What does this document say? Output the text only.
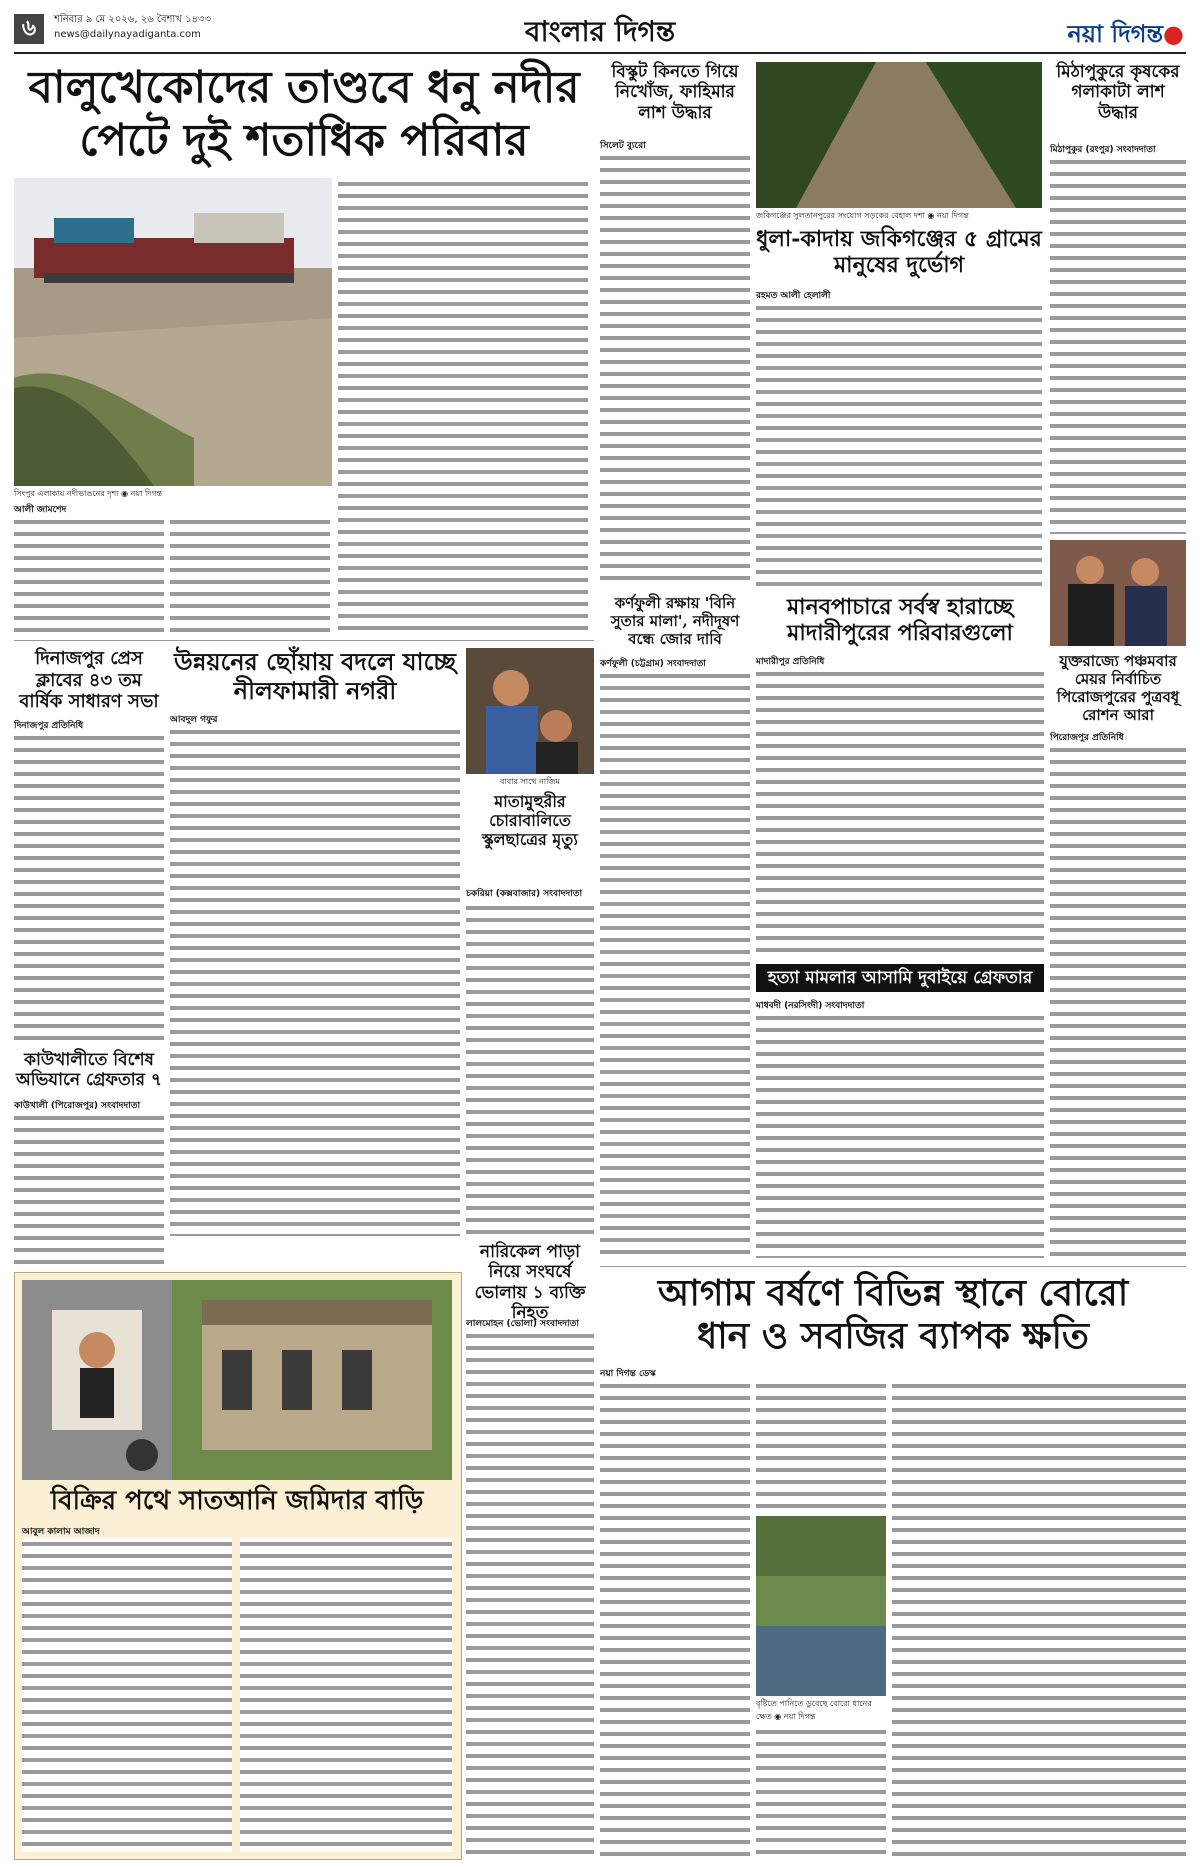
৬	শনিবার ৯ মে ২০২৬, ২৬ বৈশাখ ১৪৩৩
news@dailynayadiganta.com	বাংলার দিগন্ত	নয়া দিগন্ত●
বালুখেকোদের তাণ্ডবে ধনু নদীর
পেটে দুই শতাধিক পরিবার
সিংপুর এলাকায় নদীভাঙনের দৃশ্য ◉ নয়া দিগন্ত
আলী জামশেদ
দিনাজপুর প্রেস ক্লাবের ৪৩ তম বার্ষিক সাধারণ সভা
দিনাজপুর প্রতিনিধি
উন্নয়নের ছোঁয়ায় বদলে যাচ্ছে নীলফামারী নগরী
আবদুল গফুর
বাবার সাথে নাজিম
মাতামুহুরীর চোরাবালিতে স্কুলছাত্রের মৃত্যু
চকরিয়া (কক্সবাজার) সংবাদদাতা
কাউখালীতে বিশেষ অভিযানে গ্রেফতার ৭
কাউখালী (পিরোজপুর) সংবাদদাতা
বিক্রির পথে সাতআনি জমিদার বাড়ি
আবুল কালাম আজাদ
বিস্কুট কিনতে গিয়ে নিখোঁজ, ফাহিমার লাশ উদ্ধার
সিলেট ব্যুরো
জকিগঞ্জের সুলতানপুরের সংযোগ সড়কের বেহাল দশা ◉ নয়া দিগন্ত
ধুলা-কাদায় জকিগঞ্জের ৫ গ্রামের মানুষের দুর্ভোগ
রহমত আলী হেলালী
মিঠাপুকুরে কৃষকের গলাকাটা লাশ উদ্ধার
মিঠাপুকুর (রংপুর) সংবাদদাতা
যুক্তরাজ্যে পঞ্চমবার মেয়র নির্বাচিত পিরোজপুরের পুত্রবধূ রোশন আরা
পিরোজপুর প্রতিনিধি
মানবপাচারে সর্বস্ব হারাচ্ছে মাদারীপুরের পরিবারগুলো
মাদারীপুর প্রতিনিধি
কর্ণফুলী রক্ষায় 'বিনি সুতার মালা', নদীদূষণ বন্ধে জোর দাবি
কর্ণফুলী (চট্টগ্রাম) সংবাদদাতা
হত্যা মামলার আসামি দুবাইয়ে গ্রেফতার
মাধবদী (নরসিংদী) সংবাদদাতা
নারিকেল পাড়া নিয়ে সংঘর্ষে ভোলায় ১ ব্যক্তি নিহত
লালমোহন (ভোলা) সংবাদদাতা
আগাম বর্ষণে বিভিন্ন স্থানে বোরো
ধান ও সবজির ব্যাপক ক্ষতি
নয়া দিগন্ত ডেস্ক
বৃষ্টিতে পানিতে ডুবেছে বোরো ধানের ক্ষেত ◉ নয়া দিগন্ত
